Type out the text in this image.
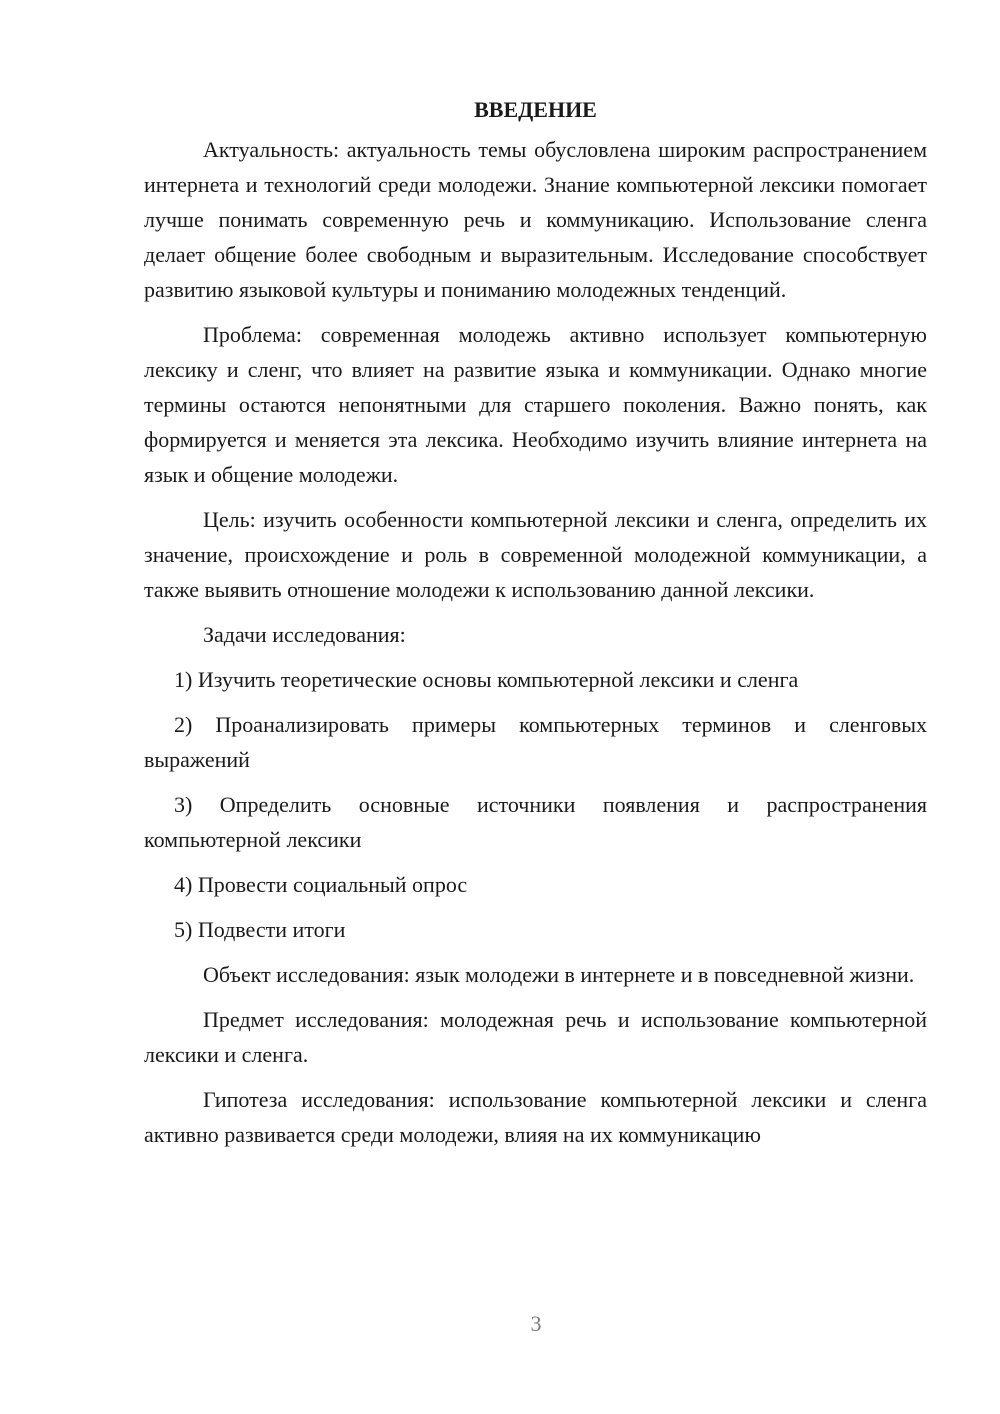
ВВЕДЕНИЕ

Актуальность: актуальность темы обусловлена широким распространением интернета и технологий среди молодежи. Знание компьютерной лексики помогает лучше понимать современную речь и коммуникацию. Использование сленга делает общение более свободным и выразительным. Исследование способствует развитию языковой культуры и пониманию молодежных тенденций.

Проблема: современная молодежь активно использует компьютерную лексику и сленг, что влияет на развитие языка и коммуникации. Однако многие термины остаются непонятными для старшего поколения. Важно понять, как формируется и меняется эта лексика. Необходимо изучить влияние интернета на язык и общение молодежи.

Цель: изучить особенности компьютерной лексики и сленга, определить их значение, происхождение и роль в современной молодежной коммуникации, а также выявить отношение молодежи к использованию данной лексики.

Задачи исследования:

1) Изучить теоретические основы компьютерной лексики и сленга

2) Проанализировать примеры компьютерных терминов и сленговых выражений

3) Определить основные источники появления и распространения компьютерной лексики

4) Провести социальный опрос

5) Подвести итоги

Объект исследования: язык молодежи в интернете и в повседневной жизни.

Предмет исследования: молодежная речь и использование компьютерной лексики и сленга.

Гипотеза исследования: использование компьютерной лексики и сленга активно развивается среди молодежи, влияя на их коммуникацию

3
